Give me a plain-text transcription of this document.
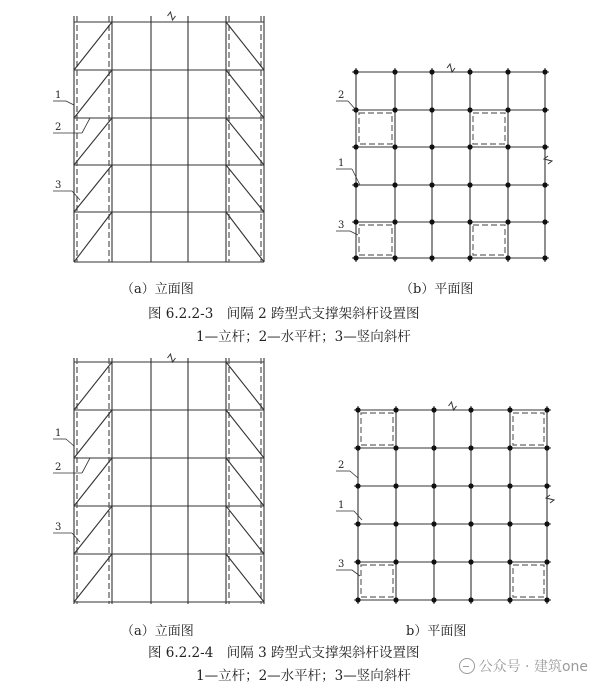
1
2
3
2
1
3
1
2
3
2
1
3
（a）立面图	（b）平面图
图 6.2.2-3　间隔 2 跨型式支撑架斜杆设置图
1—立杆；2—水平杆；3—竖向斜杆
（a）立面图	b）平面图
图 6.2.2-4　间隔 3 跨型式支撑架斜杆设置图
1—立杆；2—水平杆；3—竖向斜杆
公众号 · 建筑one
